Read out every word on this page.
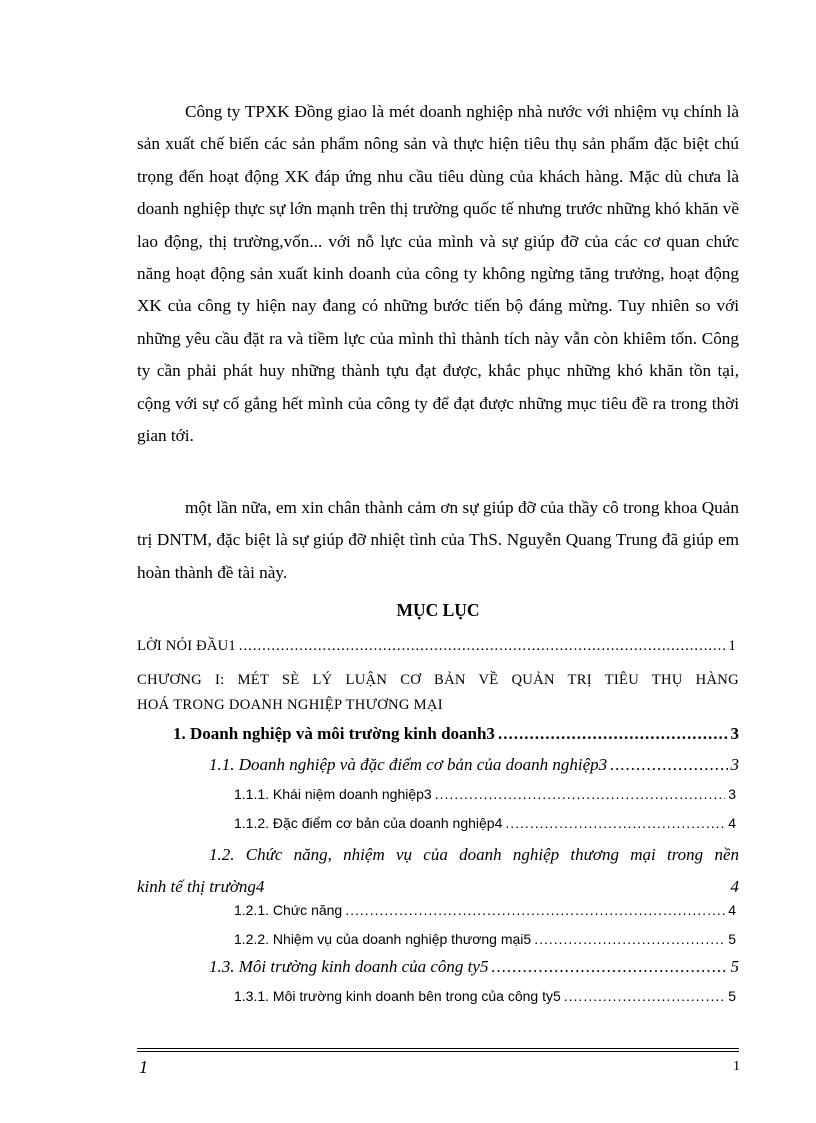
Công ty TPXK Đồng giao là mét doanh nghiệp nhà nước với nhiệm vụ chính là sản xuất chế biến các sản phẩm nông sản và thực hiện tiêu thụ sản phẩm đặc biệt chú trọng đến hoạt động XK đáp ứng nhu cầu tiêu dùng của khách hàng. Mặc dù chưa là doanh nghiệp thực sự lớn mạnh trên thị trường quốc tế nhưng trước những khó khăn về lao động, thị trường,vốn... với nỗ lực của mình và sự giúp đỡ của các cơ quan chức năng hoạt động sản xuất kinh doanh của công ty không ngừng tăng trưởng, hoạt động XK của công ty hiện nay đang có những bước tiến bộ đáng mừng. Tuy nhiên so với những yêu cầu đặt ra và tiềm lực của mình thì thành tích này vẫn còn khiêm tốn. Công ty cần phải phát huy những thành tựu đạt được, khắc phục những khó khăn tồn tại, cộng với sự cố gắng hết mình của công ty để đạt được những mục tiêu đề ra trong thời gian tới.

một lần nữa, em xin chân thành cảm ơn sự giúp đỡ của thầy cô trong khoa Quản trị DNTM, đặc biệt là sự giúp đỡ nhiệt tình của ThS. Nguyễn Quang Trung đã giúp em hoàn thành đề tài này.

MỤC LỤC

LỜI NÓI ĐẦU1 .....	1

CHƯƠNG I: MÉT SÈ LÝ LUẬN CƠ BẢN VỀ QUẢN TRỊ TIÊU THỤ HÀNG

HOÁ TRONG DOANH NGHIỆP THƯƠNG MẠI

1. Doanh nghiệp và môi trường kinh doanh3 .....	3
1.1. Doanh nghiệp và đặc điểm cơ bản của doanh nghiệp3 .....	3
1.1.1. Khái niệm doanh nghiệp3 .....	3
1.1.2. Đặc điểm cơ bản của doanh nghiệp4 .....	4
1.2. Chức năng, nhiệm vụ của doanh nghiệp thương mại trong nền
kinh tế thị trường4	4
1.2.1. Chức năng .....	4
1.2.2. Nhiệm vụ của doanh nghiệp thương mại5 .....	5
1.3. Môi trường kinh doanh của công ty5 .....	5
1.3.1. Môi trường kinh doanh bên trong của công ty5 .....	5
1	1
